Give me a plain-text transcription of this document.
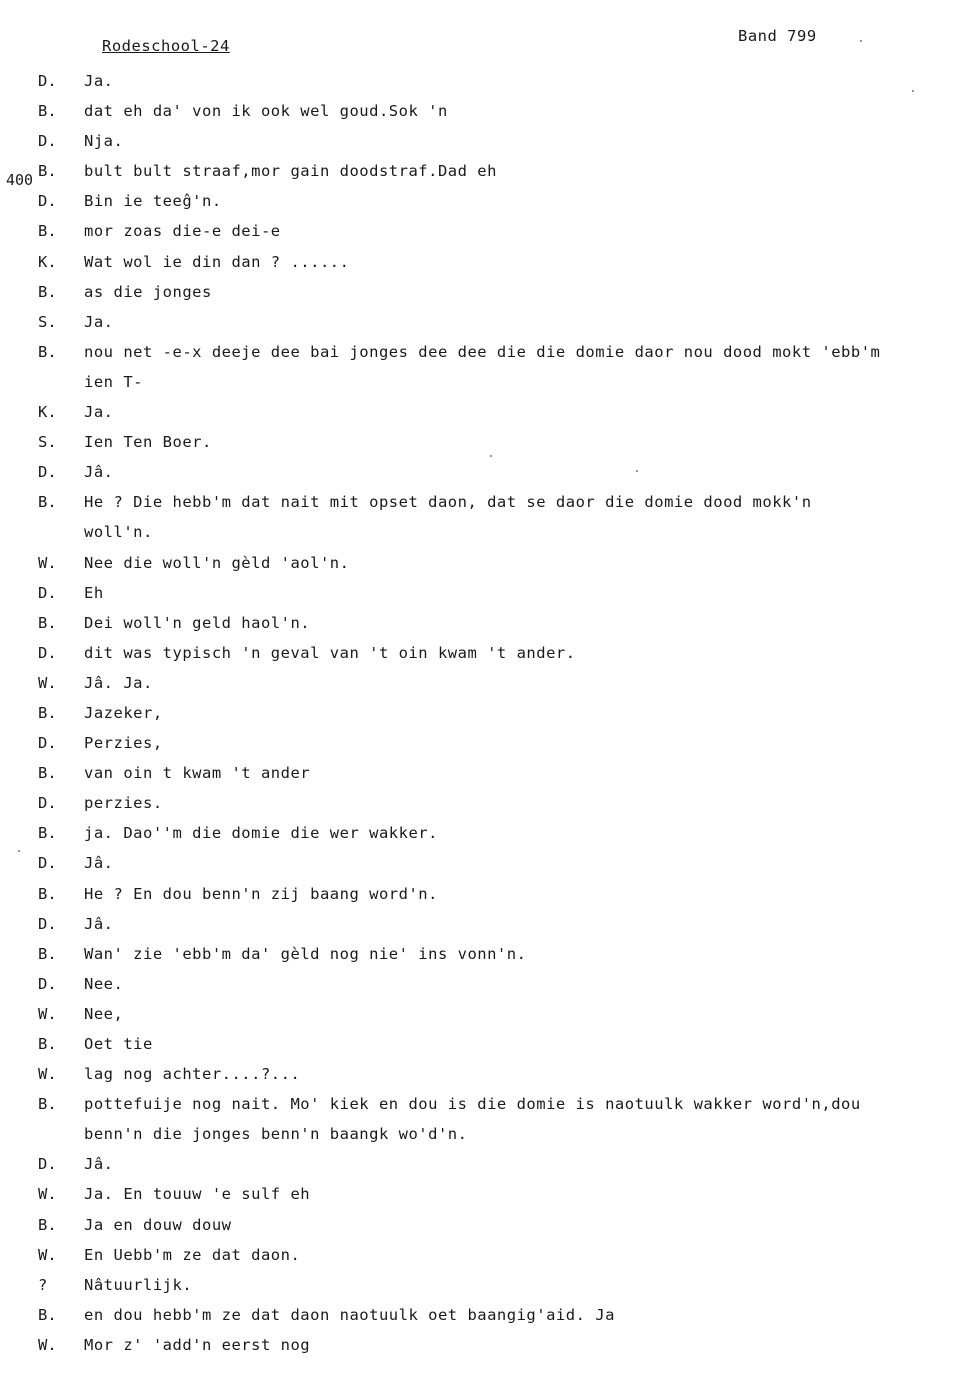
Rodeschool-24
Band 799
400
D.	Ja.
B.	dat eh da' von ik ook wel goud.Sok 'n
D.	Nja.
B.	bult bult straaf,mor gain doodstraf.Dad eh
D.	Bin ie teeĝ'n.
B.	mor zoas die-e dei-e
K.	Wat wol ie din dan ? ......
B.	as die jonges
S.	Ja.
B.	nou net -e-x deeje dee bai jonges dee dee die die domie daor nou dood mokt 'ebb'm
ien T-
K.	Ja.
S.	Ien Ten Boer.
D.	Jâ.
B.	He ? Die hebb'm dat nait mit opset daon, dat se daor die domie dood mokk'n
woll'n.
W.	Nee die woll'n gèld 'aol'n.
D.	Eh
B.	Dei woll'n geld haol'n.
D.	dit was typisch 'n geval van 't oin kwam 't ander.
W.	Jâ. Ja.
B.	Jazeker,
D.	Perzies,
B.	van oin t kwam 't ander
D.	perzies.
B.	ja. Dao''m die domie die wer wakker.
D.	Jâ.
B.	He ? En dou benn'n zij baang word'n.
D.	Jâ.
B.	Wan' zie 'ebb'm da' gèld nog nie' ins vonn'n.
D.	Nee.
W.	Nee,
B.	Oet tie
W.	lag nog achter....?...
B.	pottefuije nog nait. Mo' kiek en dou is die domie is naotuulk wakker word'n,dou
benn'n die jonges benn'n baangk wo'd'n.
D.	Jâ.
W.	Ja. En touuw 'e sulf eh
B.	Ja en douw douw
W.	En Uebb'm ze dat daon.
?	Nâtuurlijk.
B.	en dou hebb'm ze dat daon naotuulk oet baangig'aid. Ja
W.	Mor z' 'add'n eerst nog
